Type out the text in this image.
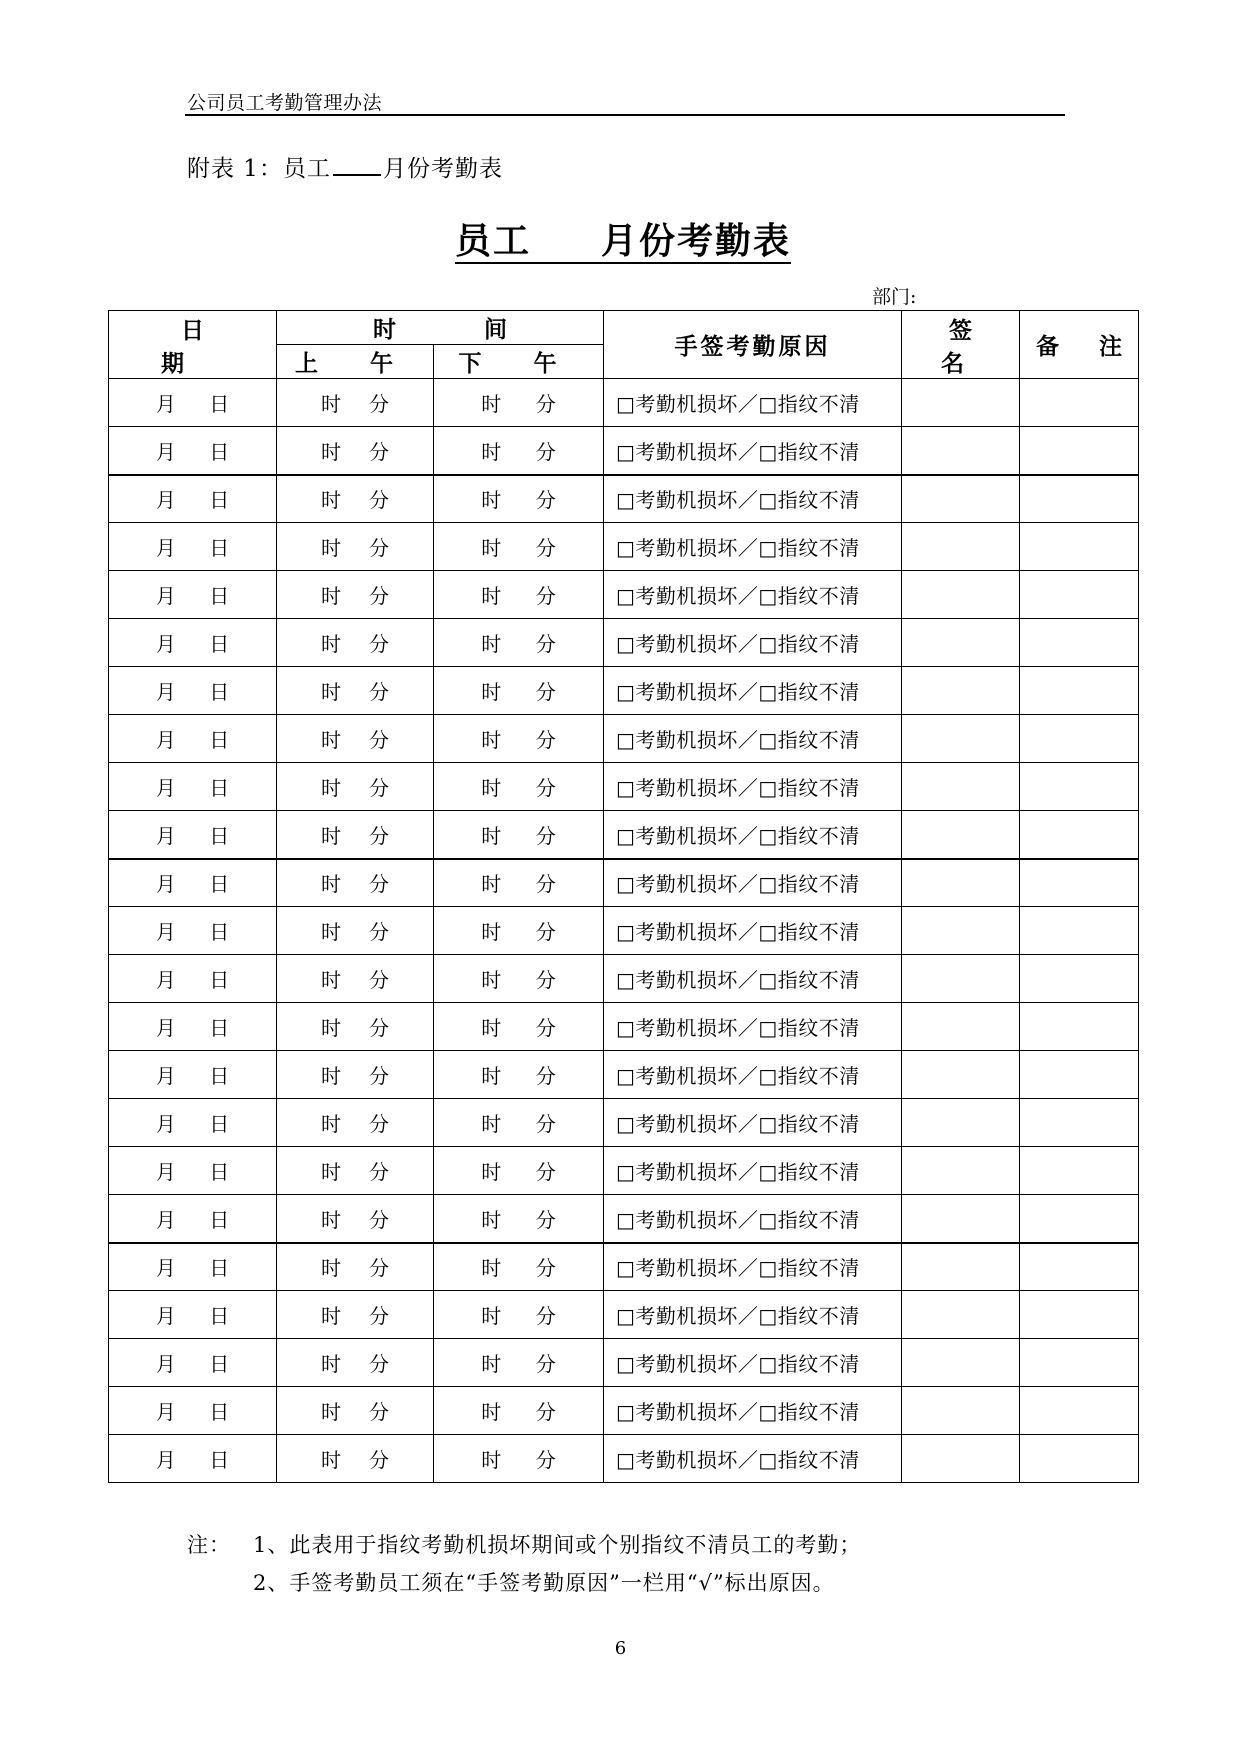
公司员工考勤管理办法
附表 1：员工 月份考勤表
员工 月份考勤表
部门:
日 期	时 间		手签考勤原因	签 名	备 注
	上 午	下 午			

月 日	时 分	时 分	□考勤机损坏／□指纹不清		

月 日	时 分	时 分	□考勤机损坏／□指纹不清		

月 日	时 分	时 分	□考勤机损坏／□指纹不清		

月 日	时 分	时 分	□考勤机损坏／□指纹不清		

月 日	时 分	时 分	□考勤机损坏／□指纹不清		

月 日	时 分	时 分	□考勤机损坏／□指纹不清		

月 日	时 分	时 分	□考勤机损坏／□指纹不清		

月 日	时 分	时 分	□考勤机损坏／□指纹不清		

月 日	时 分	时 分	□考勤机损坏／□指纹不清		

月 日	时 分	时 分	□考勤机损坏／□指纹不清		

月 日	时 分	时 分	□考勤机损坏／□指纹不清		

月 日	时 分	时 分	□考勤机损坏／□指纹不清		

月 日	时 分	时 分	□考勤机损坏／□指纹不清		

月 日	时 分	时 分	□考勤机损坏／□指纹不清		

月 日	时 分	时 分	□考勤机损坏／□指纹不清		

月 日	时 分	时 分	□考勤机损坏／□指纹不清		

月 日	时 分	时 分	□考勤机损坏／□指纹不清		

月 日	时 分	时 分	□考勤机损坏／□指纹不清		

月 日	时 分	时 分	□考勤机损坏／□指纹不清		

月 日	时 分	时 分	□考勤机损坏／□指纹不清		

月 日	时 分	时 分	□考勤机损坏／□指纹不清		

月 日	时 分	时 分	□考勤机损坏／□指纹不清		

月 日	时 分	时 分	□考勤机损坏／□指纹不清		
注： 1、此表用于指纹考勤机损坏期间或个别指纹不清员工的考勤；
2、手签考勤员工须在“手签考勤原因”一栏用“√”标出原因。
6
